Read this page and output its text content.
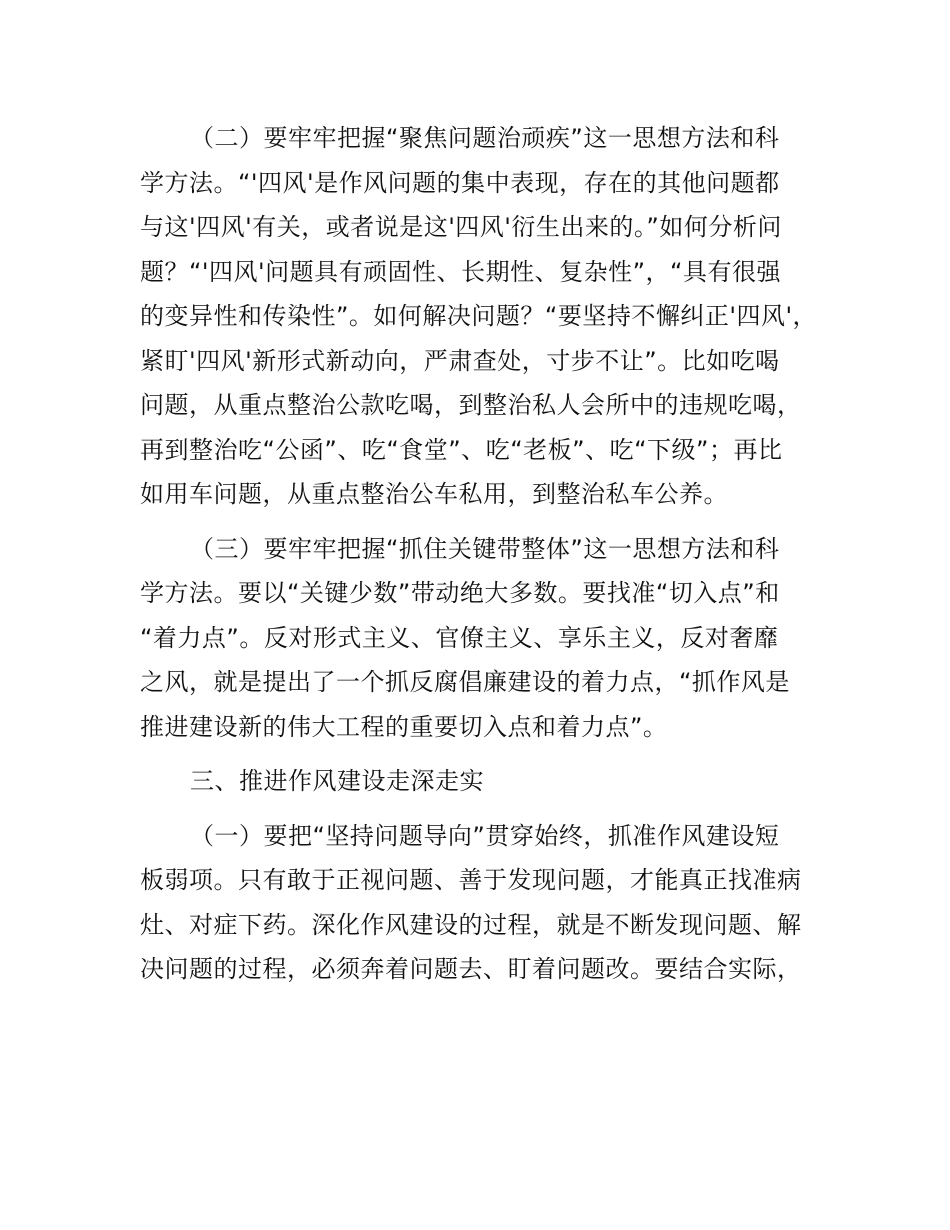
（二）要牢牢把握“聚焦问题治顽疾”这一思想方法和科
学方法。“'四风'是作风问题的集中表现，存在的其他问题都
与这'四风'有关，或者说是这'四风'衍生出来的。”如何分析问
题？“'四风'问题具有顽固性、长期性、复杂性”，“具有很强
的变异性和传染性”。如何解决问题？“要坚持不懈纠正'四风'，
紧盯'四风'新形式新动向，严肃查处，寸步不让”。比如吃喝
问题，从重点整治公款吃喝，到整治私人会所中的违规吃喝，
再到整治吃“公函”、吃“食堂”、吃“老板”、吃“下级”；再比
如用车问题，从重点整治公车私用，到整治私车公养。

（三）要牢牢把握“抓住关键带整体”这一思想方法和科
学方法。要以“关键少数”带动绝大多数。要找准“切入点”和
“着力点”。反对形式主义、官僚主义、享乐主义，反对奢靡
之风，就是提出了一个抓反腐倡廉建设的着力点，“抓作风是
推进建设新的伟大工程的重要切入点和着力点”。

三、推进作风建设走深走实

（一）要把“坚持问题导向”贯穿始终，抓准作风建设短
板弱项。只有敢于正视问题、善于发现问题，才能真正找准病
灶、对症下药。深化作风建设的过程，就是不断发现问题、解
决问题的过程，必须奔着问题去、盯着问题改。要结合实际，
